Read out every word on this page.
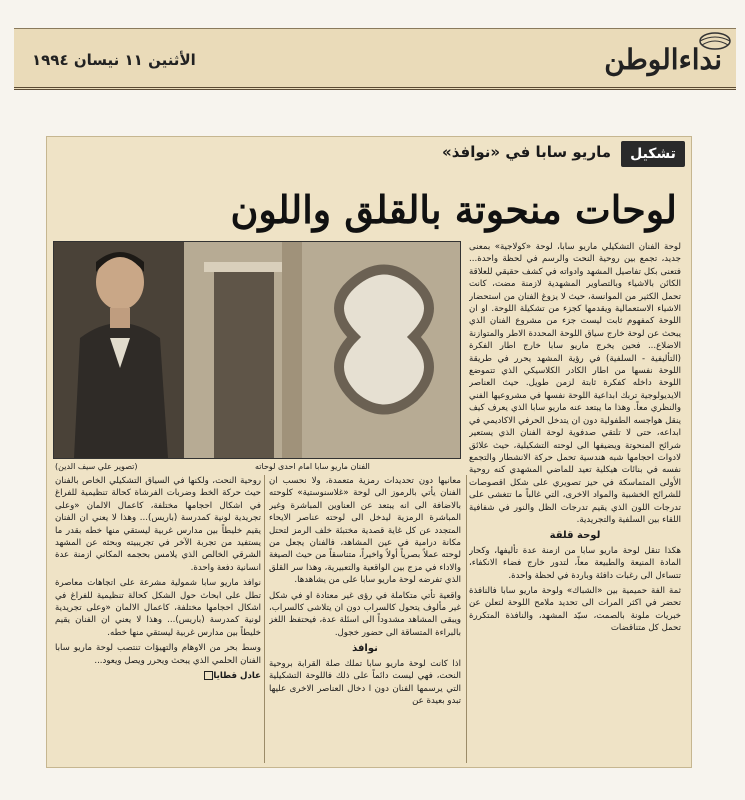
نداءالوطن
الأثنين ١١ نيسان ١٩٩٤
تشكيل
ماريو سابا في «نوافذ»
لوحات منحوتة بالقلق واللون
(تصوير علي سيف الدين)	الفنان ماريو سابا امام احدى لوحاته

لوحة الفنان التشكيلي ماريو سابا، لوحة «كولاجية» بمعنى جديد، تجمع بين روحية النحت والرسم في لحظة واحدة... فتعنى بكل تفاصيل المشهد وادواته في كشف حقيقي للعلاقة الكائن بالاشياء وبالتصاوير المشهدية لازمنة مضت، كانت تحمل الكثير من الموانسة، حيث لا يزوغ الفنان من استحضار الاشياء الاستعمالية ويقدمها كجزء من تشكيلة اللوحة. او ان اللوحة كمفهوم ثابت ليست جزء من مشروع الفنان الذي يبحث عن لوحة خارج سياق اللوحة المحددة الاطر والمتوازنة الاضلاع... فحين يخرج ماريو سابا خارج اطار الفكرة (التأليفية - السلفية) في رؤية المشهد يحرر في طريقة اللوحة نفسها من اطار الكادر الكلاسيكي الذي تتموضع اللوحة داخله كفكرة ثابتة لزمن طويل. حيث العناصر الايديولوجية تربك ابداعية اللوحة نفسها في مشروعيها الفني والنظري معاً. وهذا ما يبتعد عنه ماريو سابا الذي يعرف كيف ينقل هواجسه الطفولية دون ان يتدخل الحرفي الاكاديمي في ابداعه، حتى لا تلتقي صدفوية لوحة الفنان الذي يستعير شرائح المنحوتة ويضيفها الى لوحته التشكيلية، حيث علائق لادوات احجامها شبه هندسية تحمل حركة الانشطار والتجمع نفسه في بنائات هيكلية تعيد للماضي المشهدي كنه روحية الأولى المتماسكة في حيز تصويري على شكل اقصوصات للشرائح الخشبية والمواد الاخرى، التي غالباً ما تتغشى على تدرجات اللون الذي يقيم تدرجات الظل والنور في شفافية اللقاء بين السلفية والتجريدية.

لوحة قلقة

هكذا تنقل لوحة ماريو سابا من ازمنة عدة تأليفها، وكحار المادة المنيعة والطبيعة معاً، لتدور خارج فضاء الانكفاء، تتساءل الى رغبات دافئة وباردة في لحظة واحدة.

ثمة الفة حميمية بين «الشباك» ولوحة ماريو سابا فالنافذة تحضر في اكثر المرات الى تحديد ملامح اللوحة لتعلن عن خبريات ملونة بالصمت، سيّد المشهد، والنافذة المتكررة تحمل كل متناقضات

معانيها دون تحديدات رمزية متعمدة، ولا نحسب ان الفنان يأتي بالرموز الى لوحة «غلاسنوستية» كلوحته بالاضافة الى انه يبتعد عن العناوين المباشرة وغير المباشرة الرمزية ليدخل الى لوحته عناصر الايحاء المتجدد عن كل غاية قصدية مختبئة خلف الرمز لتحتل مكانة درامية في عين المشاهد، فالفنان يجعل من لوحته عملاً بصرياً أولاً واخيراً، متناسقاً من حيث الصيغة والاداء في مزج بين الواقعية والتعبيرية، وهذا سر القلق الذي تفرضه لوحة ماريو سابا على من يشاهدها.

واقعية تأتي متكاملة في رؤى غير معتادة او في شكل غير مألوف يتحول كالسراب دون ان يتلاشى كالسراب، ويبقى المشاهد مشدوداً الى اسئلة عدة، فيحتفظ اللغز بالبراءة المتساقة الى حضور خجول.

نوافذ

اذا كانت لوحة ماريو سابا تملك صلة القرابة بروحية النحت، فهي ليست دائماً على ذلك فاللوحة التشكيلية التي يرسمها الفنان دون ا دخال العناصر الاخرى عليها تبدو بعيدة عن

روحية النحت، ولكنها في السياق التشكيلي الخاص بالفنان حيث حركة الخط وضربات الفرشاة كحالة تنظيمية للفراغ في اشكال احجامها مختلفة، كاعمال الالمان «وعلى تجريدية لونية كمدرسة (باريس)... وهذا لا يعني ان الفنان يقيم خليطاً بين مدارس غربية ليستقي منها خطه بقدر ما يستفيد من تجربة الآخر في تجريبيته وبحثه عن المشهد الشرقي الخالص الذي يلامس بحجمه المكاني ازمنة عدة انسانية دفعة واحدة.

نوافذ ماريو سابا شمولية مشرعة على اتجاهات معاصرة تطل على ابحاث حول الشكل كحالة تنظيمية للفراغ في اشكال احجامها مختلفة، كاعمال الالمان «وعلى تجريدية لونية كمدرسة (باريس)... وهذا لا يعني ان الفنان يقيم خليطاً بين مدارس غربية ليستقي منها خطه.

وسط بحر من الاوهام والتهيؤات تنتصب لوحة ماريو سابا الفنان الحلمي الذي يبحث ويحرر ويصل ويعود...

عادل قطايا
